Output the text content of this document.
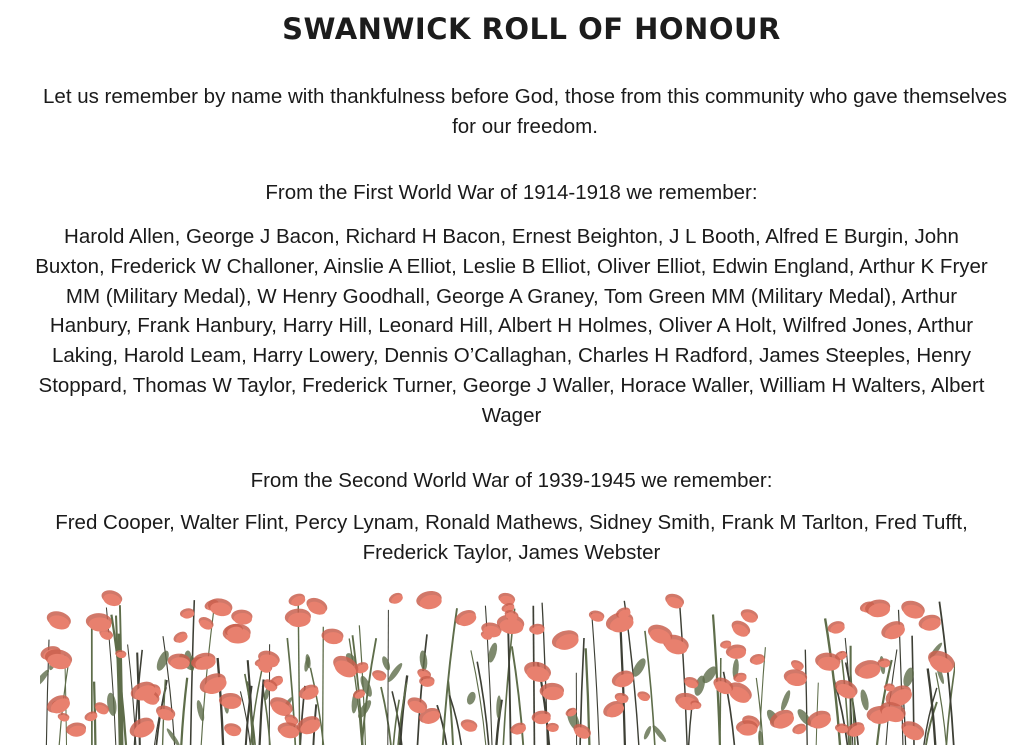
SWANWICK ROLL OF HONOUR
Let us remember by name with thankfulness before God, those from this community who gave themselves for our freedom.
From the First World War of 1914-1918 we remember:
Harold Allen, George J Bacon, Richard H Bacon, Ernest Beighton, J L Booth, Alfred E Burgin, John Buxton, Frederick W Challoner, Ainslie A Elliot, Leslie B Elliot, Oliver Elliot, Edwin England, Arthur K Fryer MM (Military Medal), W Henry Goodhall, George A Graney, Tom Green MM (Military Medal), Arthur Hanbury, Frank Hanbury, Harry Hill, Leonard Hill, Albert H Holmes, Oliver A Holt, Wilfred Jones, Arthur Laking, Harold Leam, Harry Lowery, Dennis O’Callaghan, Charles H Radford, James Steeples, Henry Stoppard, Thomas W Taylor, Frederick Turner, George J Waller, Horace Waller, William H Walters, Albert Wager
From the Second World War of 1939-1945 we remember:
Fred Cooper, Walter Flint, Percy Lynam, Ronald Mathews, Sidney Smith, Frank M Tarlton, Fred Tufft, Frederick Taylor, James Webster
